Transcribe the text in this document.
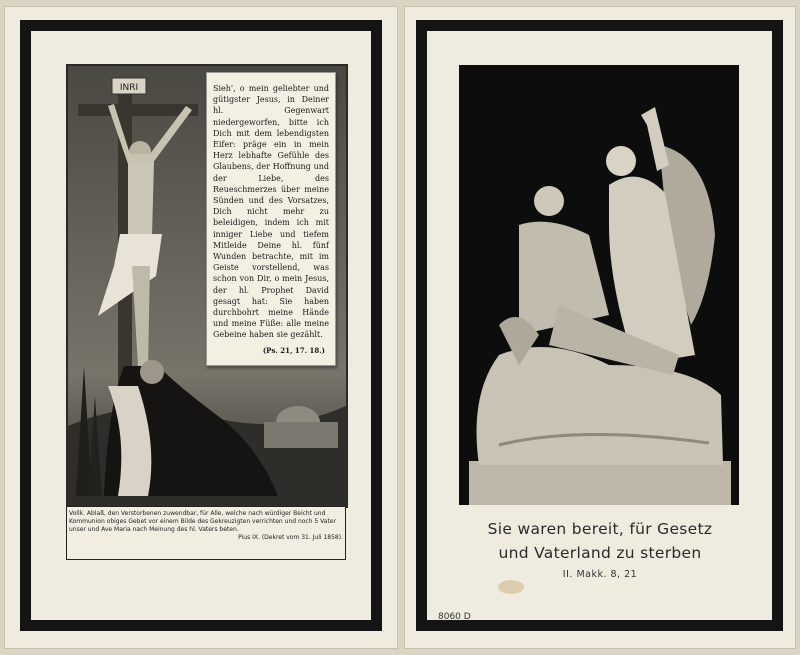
INRI	Sieh', o mein geliebter und gütigster Jesus, in Deiner hl. Gegenwart niedergeworfen, bitte ich Dich mit dem lebendigsten Eifer: präge ein in mein Herz lebhafte Gefühle des Glaubens, der Hoffnung und der Liebe, des Reueschmerzes über meine Sünden und des Vorsatzes, Dich nicht mehr zu beleidigen, indem ich mit inniger Liebe und tiefem Mitleide Deine hl. fünf Wunden betrachte, mit im Geiste vorstellend, was schon von Dir, o mein Jesus, der hl. Prophet David gesagt hat: Sie haben durchbohrt meine Hände und meine Füße: alle meine Gebeine haben sie gezählt.
(Ps. 21, 17. 18.)
Vollk. Ablaß, den Verstorbenen zuwendbar, für Alle, welche nach würdiger Beicht und Kommunion obiges Gebet vor einem Bilde des Gekreuzigten verrichten und noch 5 Vater unser und Ave Maria nach Meinung des hl. Vaters beten.
Pius IX. (Dekret vom 31. Juli 1858).	Sie waren bereit, für Gesetz
und Vaterland zu sterben
II. Makk. 8, 21
8060 D
